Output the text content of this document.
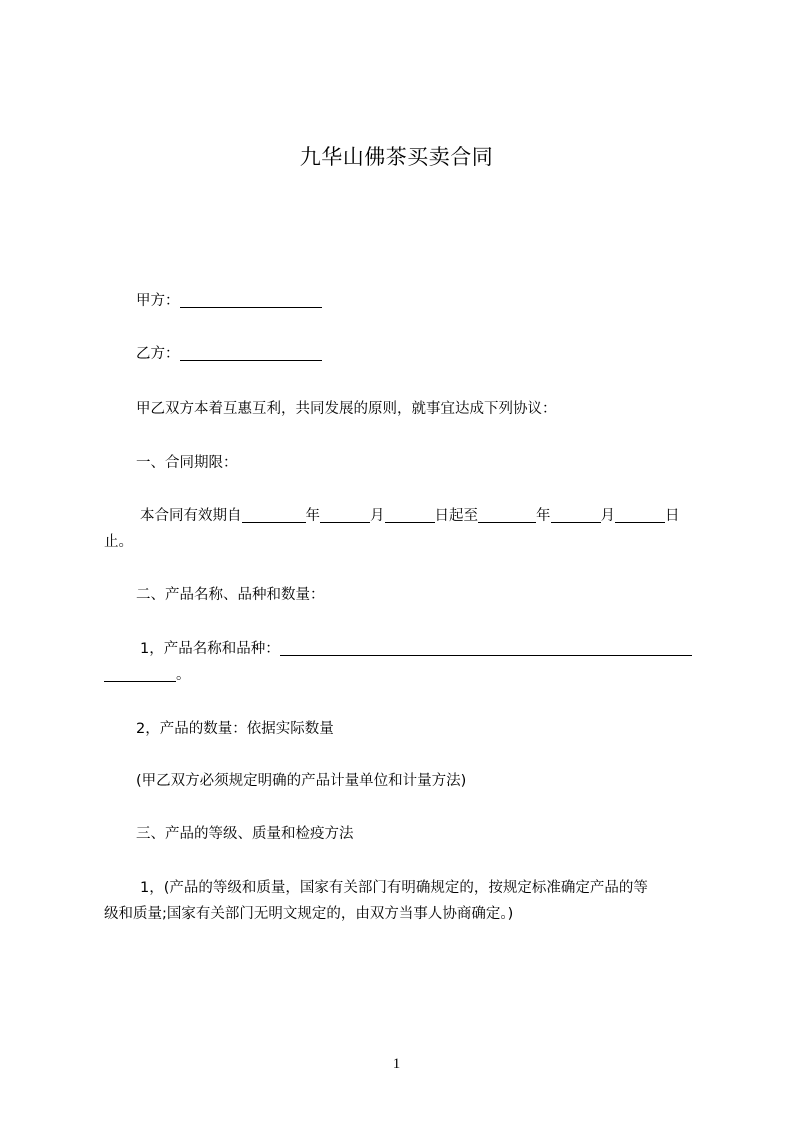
九华山佛茶买卖合同
甲方：
乙方：
甲乙双方本着互惠互利，共同发展的原则，就事宜达成下列协议：
一、合同期限：
本合同有效期自	年	月	日起至	年	月	日
止。
二、产品名称、品种和数量：
1，产品名称和品种：
。
2，产品的数量：依据实际数量
(甲乙双方必须规定明确的产品计量单位和计量方法)
三、产品的等级、质量和检疫方法
1，(产品的等级和质量，国家有关部门有明确规定的，按规定标准确定产品的等
级和质量;国家有关部门无明文规定的，由双方当事人协商确定。)
1
